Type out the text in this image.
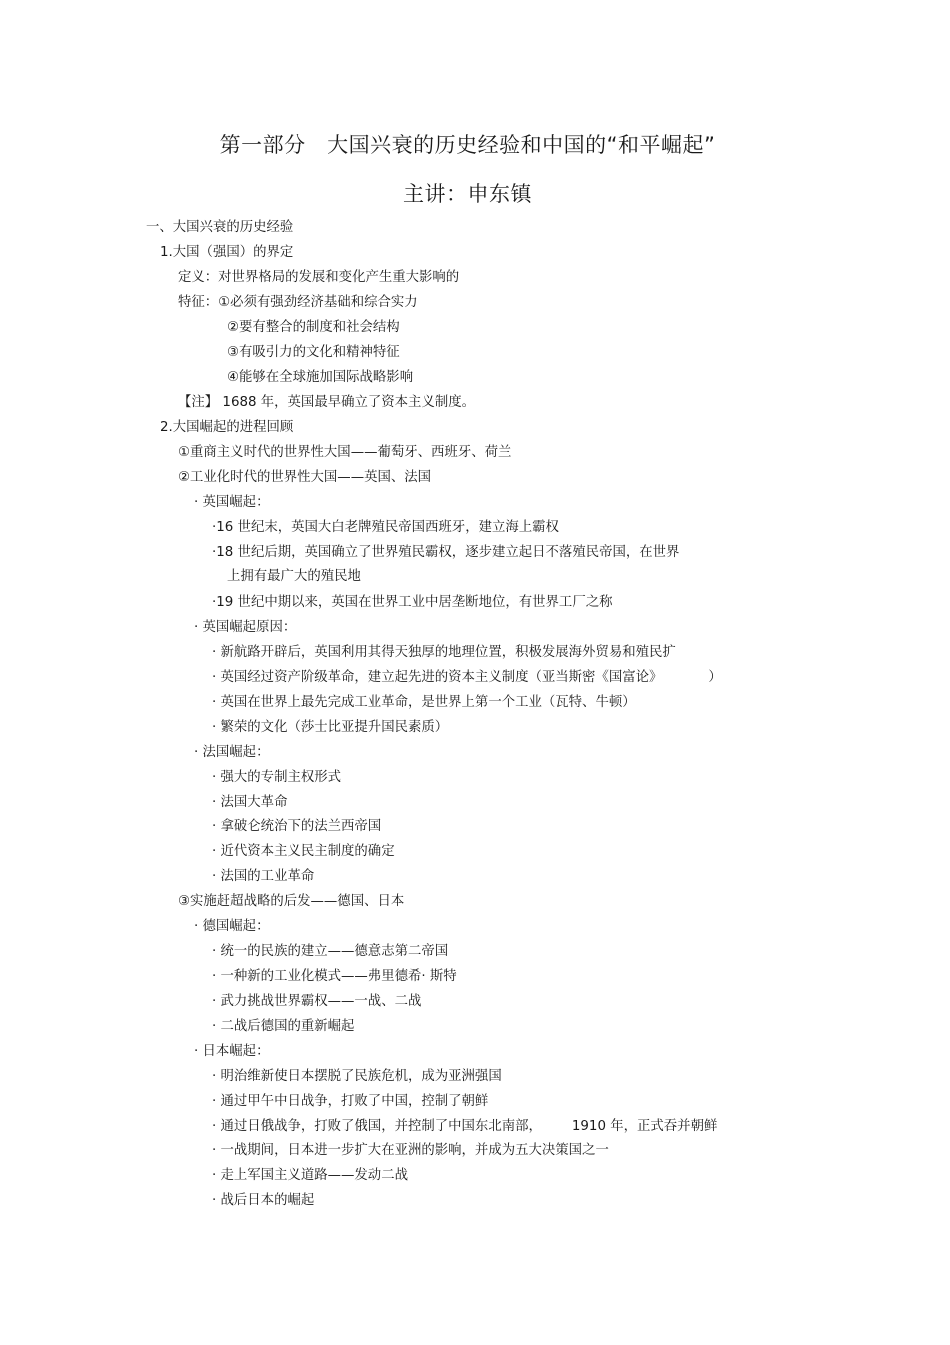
第一部分　大国兴衰的历史经验和中国的“和平崛起”
主讲：申东镇
一、大国兴衰的历史经验
1.大国（强国）的界定
定义：对世界格局的发展和变化产生重大影响的
特征：①必须有强劲经济基础和综合实力
②要有整合的制度和社会结构
③有吸引力的文化和精神特征
④能够在全球施加国际战略影响
【注】 1688 年，英国最早确立了资本主义制度。
2.大国崛起的进程回顾
①重商主义时代的世界性大国——葡萄牙、西班牙、荷兰
②工业化时代的世界性大国——英国、法国
· 英国崛起：
·16 世纪末，英国大白老牌殖民帝国西班牙，建立海上霸权
·18 世纪后期，英国确立了世界殖民霸权，逐步建立起日不落殖民帝国，在世界
上拥有最广大的殖民地
·19 世纪中期以来，英国在世界工业中居垄断地位，有世界工厂之称
· 英国崛起原因：
· 新航路开辟后，英国利用其得天独厚的地理位置，积极发展海外贸易和殖民扩
· 英国经过资产阶级革命，建立起先进的资本主义制度（亚当斯密《国富论》	）
· 英国在世界上最先完成工业革命，是世界上第一个工业（瓦特、牛顿）
· 繁荣的文化（莎士比亚提升国民素质）
· 法国崛起：
· 强大的专制主权形式
· 法国大革命
· 拿破仑统治下的法兰西帝国
· 近代资本主义民主制度的确定
· 法国的工业革命
③实施赶超战略的后发——德国、日本
· 德国崛起：
· 统一的民族的建立——德意志第二帝国
· 一种新的工业化模式——弗里德希· 斯特
· 武力挑战世界霸权——一战、二战
· 二战后德国的重新崛起
· 日本崛起：
· 明治维新使日本摆脱了民族危机，成为亚洲强国
· 通过甲午中日战争，打败了中国，控制了朝鲜
· 通过日俄战争，打败了俄国，并控制了中国东北南部， 1910 年，正式吞并朝鲜
· 一战期间，日本进一步扩大在亚洲的影响，并成为五大决策国之一
· 走上军国主义道路——发动二战
· 战后日本的崛起
